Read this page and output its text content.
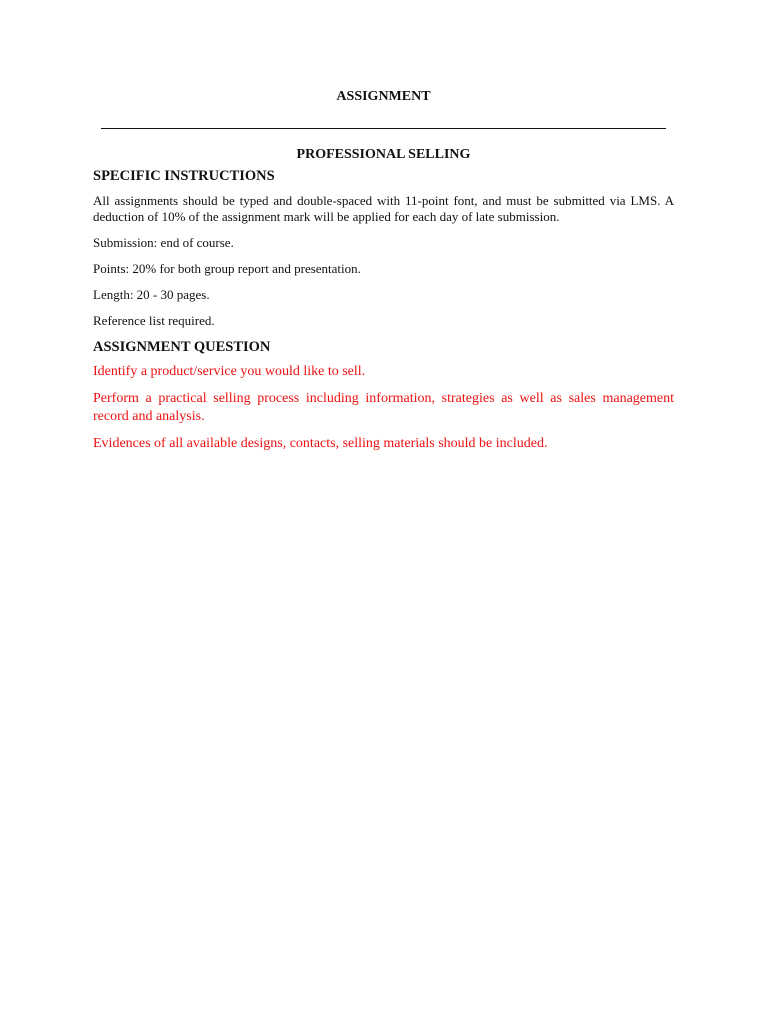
ASSIGNMENT
PROFESSIONAL SELLING
SPECIFIC INSTRUCTIONS

All assignments should be typed and double-spaced with 11-point font, and must be submitted via LMS. A deduction of 10% of the assignment mark will be applied for each day of late submission.

Submission: end of course.

Points: 20% for both group report and presentation.

Length: 20 - 30 pages.

Reference list required.

ASSIGNMENT QUESTION

Identify a product/service you would like to sell.

Perform a practical selling process including information, strategies as well as sales management record and analysis.

Evidences of all available designs, contacts, selling materials should be included.
